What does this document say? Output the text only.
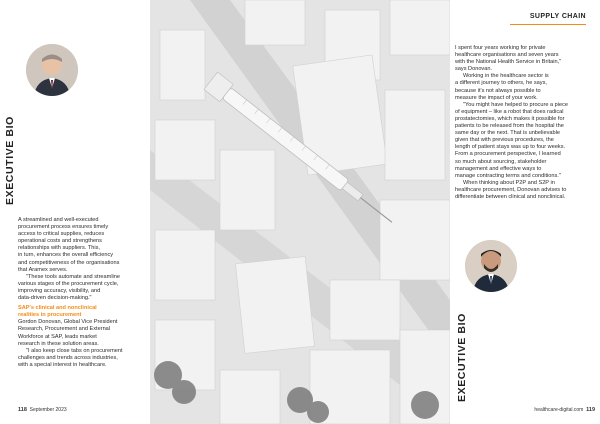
EXECUTIVE BIO
GORDON DONOVAN	in
TITLE: GLOBAL VP RESEARCH,
PROCUREMENT & EXTERNAL WORKFORCE
COMPANY: SAP
››	Gordon Donovan leads market
research for SAP in healthcare and
life sciences. He spent four years working
for private health care organisations and
seven years with the National Health
Service in Britain.

A streamlined and well-executed

procurement process ensures timely

access to critical supplies, reduces

operational costs and strengthens

relationships with suppliers. This,

in turn, enhances the overall efficiency

and competitiveness of the organisations

that Aramex serves.

"These tools automate and streamline

various stages of the procurement cycle,

improving accuracy, visibility, and

data-driven decision-making."

SAP's clinical and nonclinical

realities in procurement

Gordon Donovan, Global Vice President

Research, Procurement and External

Workforce at SAP, leads market

research in these solution areas.

"I also keep close tabs on procurement

challenges and trends across industries,

with a special interest in healthcare.

118 September 2023

I spent four years working for private

healthcare organisations and seven years

with the National Health Service in Britain,"

says Donovan.

Working in the healthcare sector is

a different journey to others, he says,

because it's not always possible to

measure the impact of your work.

"You might have helped to procure a piece

of equipment – like a robot that does radical

prostatectomies, which makes it possible for

patients to be released from the hospital the

same day or the next. That is unbelievable

given that with previous procedures, the

length of patient stays was up to four weeks.

From a procurement perspective, I learned

so much about sourcing, stakeholder

management and effective ways to

manage contracting terms and conditions."

When thinking about P2P and S2P in

healthcare procurement, Donovan advises to

differentiate between clinical and nonclinical.

EXECUTIVE BIO
RONAN KITCHIN	in
TITLE: BUSINESS DEVELOPMENT MANAGER
– LIFE SCIENCES & HEALTHCARE
COMPANY: ARAMEX
››	Ronan Kitchin is responsible
for overseeing the Life Science
and Healthcare vertical at Aramex.
He looks for opportunities for growth
with organisations in the sector.
healthcare-digital.com 119
SUPPLY CHAIN
